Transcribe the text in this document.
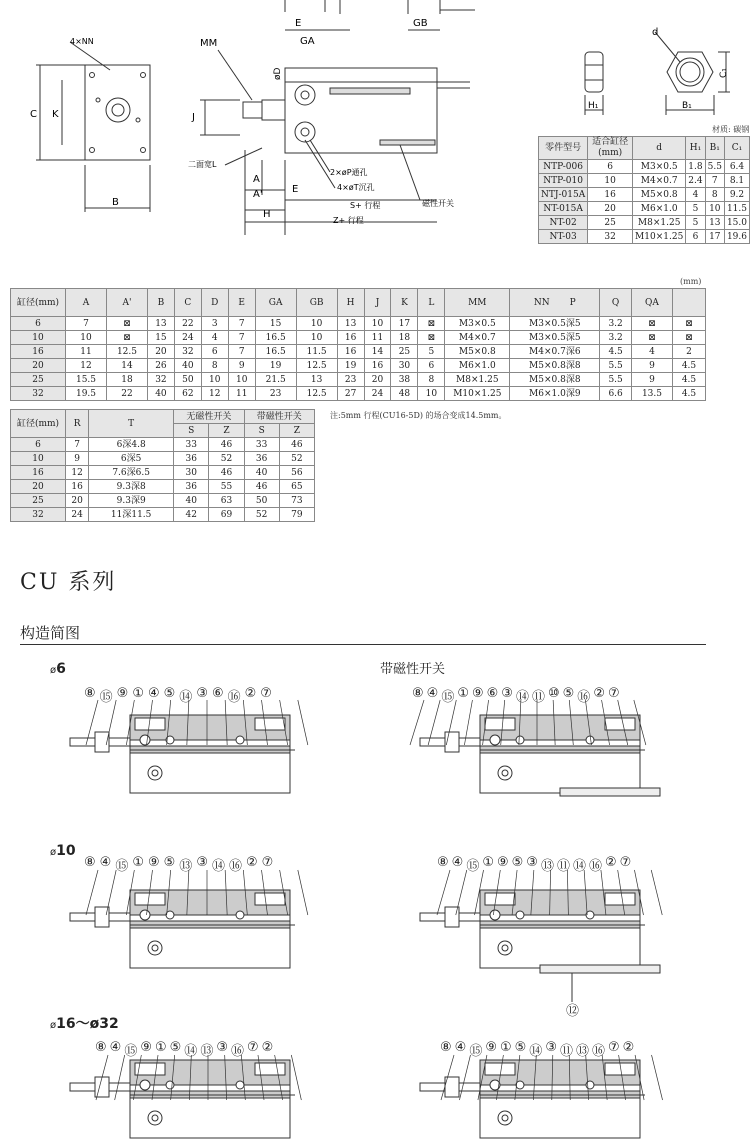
E
GA
GB
4×NN
C K
B
MM
J
øD
二面宽L
A
A'
H
E
2×øP通孔
4×øT沉孔
S+ 行程
Z+ 行程
磁性开关
d
H₁	B₁
C₁
材质: 碳钢
零件型号	适合缸径(mm)	d	H₁	B₁	C₁
NTP-006	6	M3×0.5	1.8	5.5	6.4
NTP-010	10	M4×0.7	2.4	7	8.1
NTJ-015A	16	M5×0.8	4	8	9.2
NT-015A	20	M6×1.0	5	10	11.5
NT-02	25	M8×1.25	5	13	15.0
NT-03	32	M10×1.25	6	17	19.6
(mm)
缸径(mm)	A	A'	B	C	D	E	GA	GB	H	J	K	L	MM	NN P	Q	QA	
6	7	⊠	13	22	3	7	15	10	13	10	17	⊠	M3×0.5	M3×0.5深5	3.2	⊠	⊠
10	10	⊠	15	24	4	7	16.5	10	16	11	18	⊠	M4×0.7	M3×0.5深5	3.2	⊠	⊠
16	11	12.5	20	32	6	7	16.5	11.5	16	14	25	5	M5×0.8	M4×0.7深6	4.5	4	2
20	12	14	26	40	8	9	19	12.5	19	16	30	6	M6×1.0	M5×0.8深8	5.5	9	4.5
25	15.5	18	32	50	10	10	21.5	13	23	20	38	8	M8×1.25	M5×0.8深8	5.5	9	4.5
32	19.5	22	40	62	12	11	23	12.5	27	24	48	10	M10×1.25	M6×1.0深9	6.6	13.5	4.5
缸径(mm)	R	T	无磁性开关		带磁性开关	
			S	Z	S	Z
6	7	6深4.8	33	46	33	46
10	9	6深5	36	52	36	52
16	12	7.6深6.5	30	46	40	56
20	16	9.3深8	36	55	46	65
25	20	9.3深9	40	63	50	73
32	24	11深11.5	42	69	52	79
注:5mm 行程(CU16-5D) 的场合变成14.5mm。
CU 系列
构造简图
带磁性开关
ø6
ø10
ø16～ø32
⑧ ⑮ ⑨ ① ④ ⑤ ⑭ ③ ⑥ ⑯ ② ⑦	⑧ ④ ⑮ ① ⑨ ⑥ ③ ⑭ ⑪ ⑩ ⑤ ⑯ ② ⑦
⑧ ④ ⑮ ① ⑨ ⑤ ⑬ ③ ⑭ ⑯ ② ⑦	⑧ ④ ⑮ ① ⑨ ⑤ ③ ⑬ ⑪ ⑭ ⑯ ② ⑦
⑫
⑧ ④ ⑮ ⑨ ① ⑤ ⑭ ⑬ ③ ⑯ ⑦ ②	⑧ ④ ⑮ ⑨ ① ⑤ ⑭ ③ ⑪ ⑬ ⑯ ⑦ ②
